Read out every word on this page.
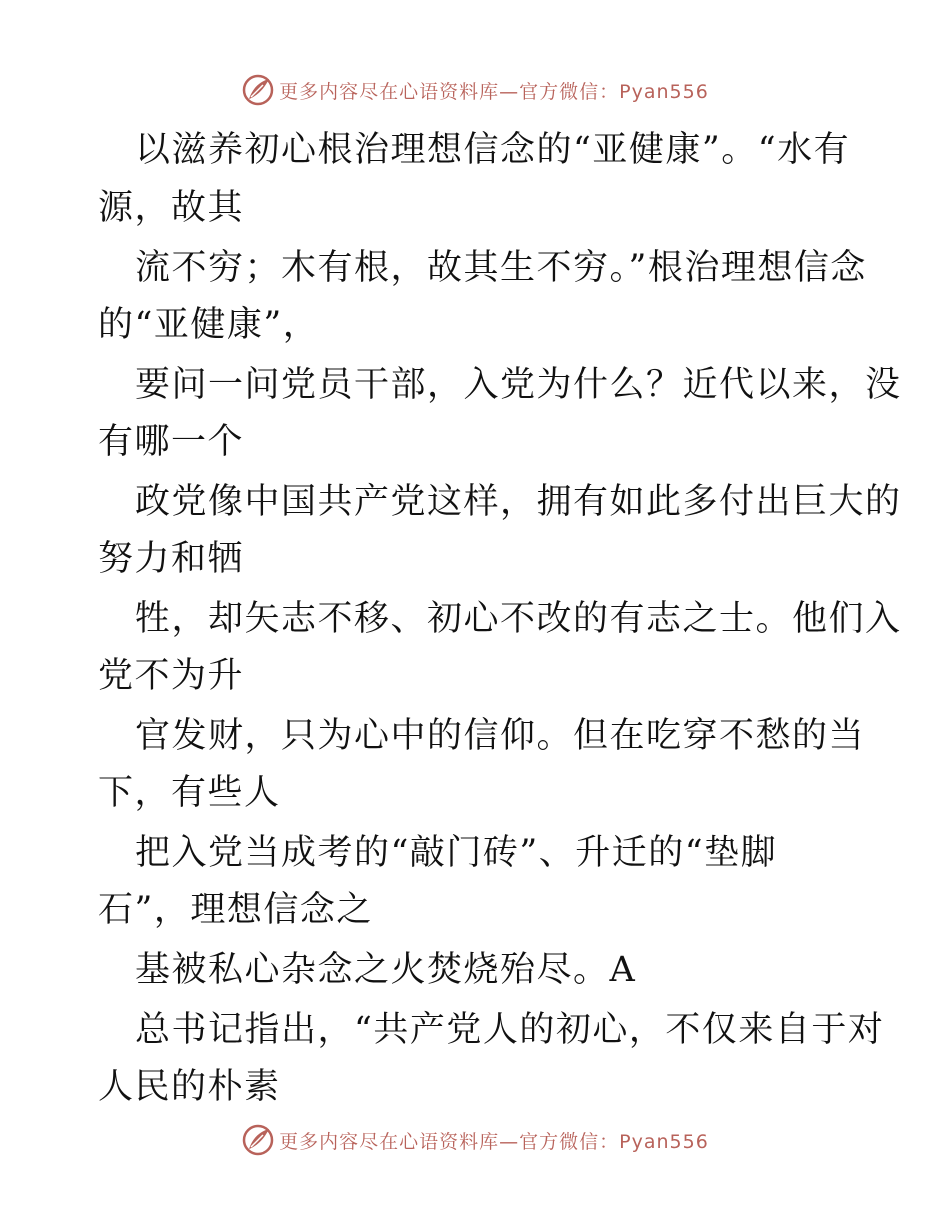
更多内容尽在心语资料库—官方微信：Pyan556
以滋养初心根治理想信念的“亚健康”。“水有
源，故其
流不穷；木有根，故其生不穷。”根治理想信念
的“亚健康”，
要问一问党员干部，入党为什么？近代以来，没
有哪一个
政党像中国共产党这样，拥有如此多付出巨大的
努力和牺
牲，却矢志不移、初心不改的有志之士。他们入
党不为升
官发财，只为心中的信仰。但在吃穿不愁的当
下，有些人
把入党当成考的“敲门砖”、升迁的“垫脚
石”，理想信念之
基被私心杂念之火焚烧殆尽。A
总书记指出，“共产党人的初心，不仅来自于对
人民的朴素
更多内容尽在心语资料库—官方微信：Pyan556
